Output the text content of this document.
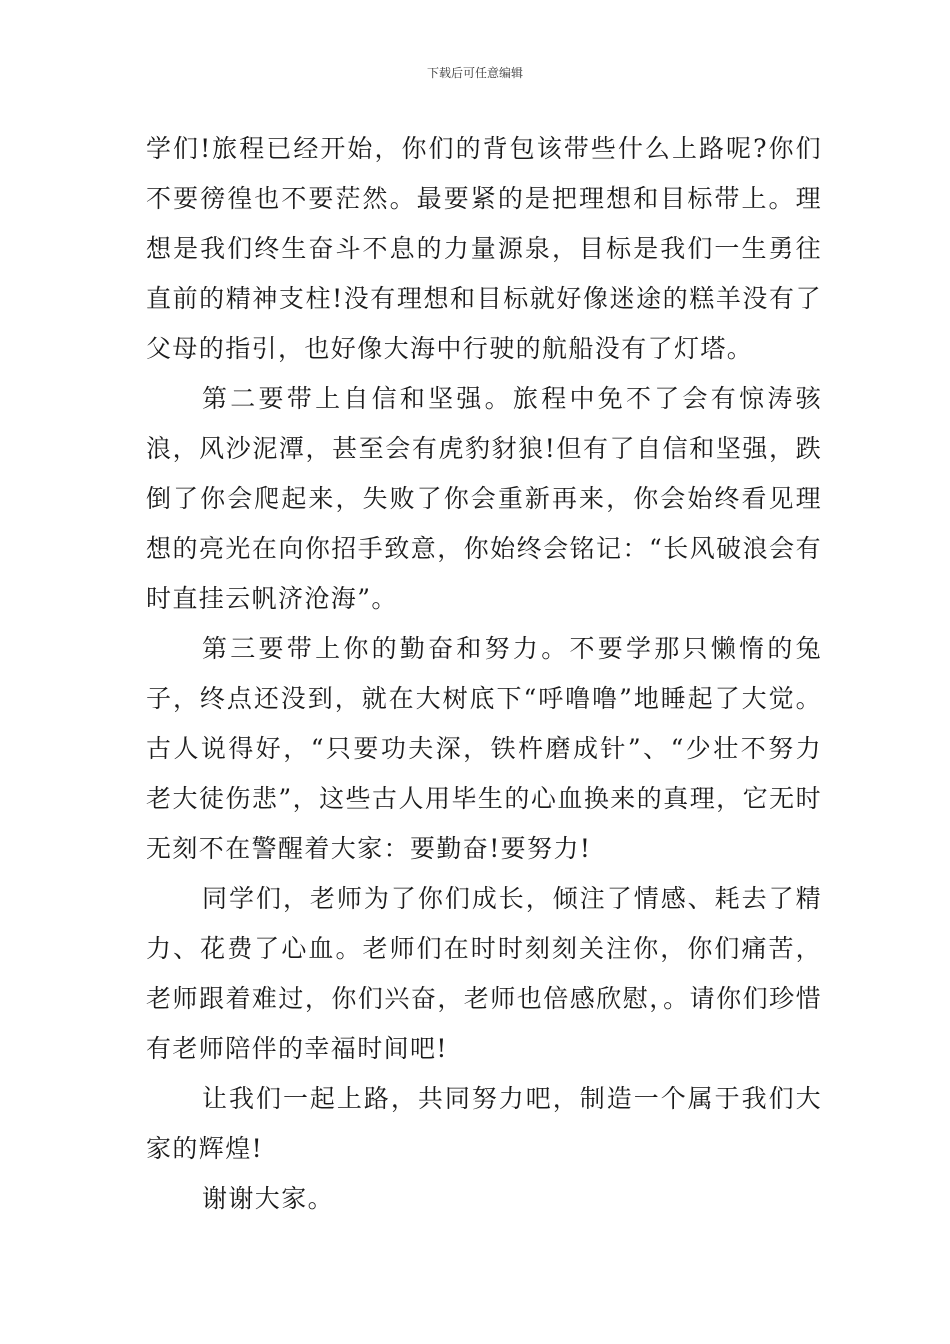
下载后可任意编辑

学们!旅程已经开始，你们的背包该带些什么上路呢?你们不要徬徨也不要茫然。最要紧的是把理想和目标带上。理想是我们终生奋斗不息的力量源泉，目标是我们一生勇往直前的精神支柱!没有理想和目标就好像迷途的糕羊没有了父母的指引，也好像大海中行驶的航船没有了灯塔。

第二要带上自信和坚强。旅程中免不了会有惊涛骇浪，风沙泥潭，甚至会有虎豹豺狼!但有了自信和坚强，跌倒了你会爬起来，失败了你会重新再来，你会始终看见理想的亮光在向你招手致意，你始终会铭记：“长风破浪会有时直挂云帆济沧海”。

第三要带上你的勤奋和努力。不要学那只懒惰的兔子，终点还没到，就在大树底下“呼噜噜”地睡起了大觉。古人说得好，“只要功夫深，铁杵磨成针”、“少壮不努力老大徒伤悲”，这些古人用毕生的心血换来的真理，它无时无刻不在警醒着大家：要勤奋!要努力!

同学们，老师为了你们成长，倾注了情感、耗去了精力、花费了心血。老师们在时时刻刻关注你，你们痛苦，老师跟着难过，你们兴奋，老师也倍感欣慰，。请你们珍惜有老师陪伴的幸福时间吧!

让我们一起上路，共同努力吧，制造一个属于我们大家的辉煌!

谢谢大家。
